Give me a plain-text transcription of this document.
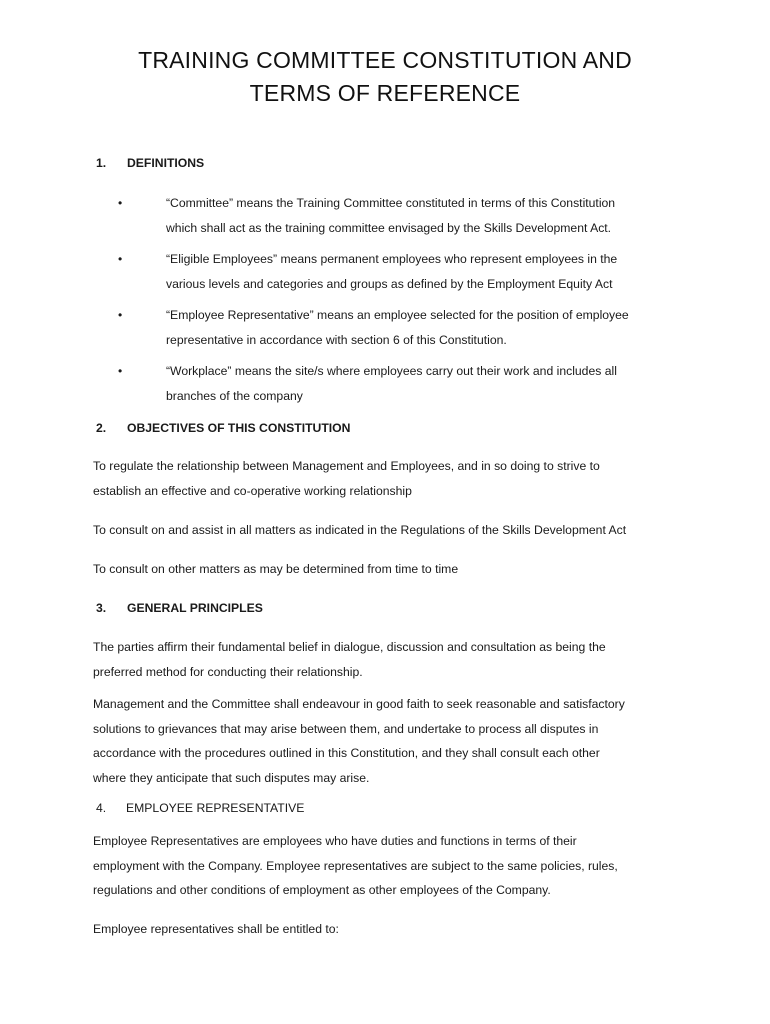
TRAINING COMMITTEE CONSTITUTION AND
TERMS OF REFERENCE
1. DEFINITIONS
•	“Committee” means the Training Committee constituted in terms of this Constitution
which shall act as the training committee envisaged by the Skills Development Act.
•	“Eligible Employees” means permanent employees who represent employees in the
various levels and categories and groups as defined by the Employment Equity Act
•	“Employee Representative” means an employee selected for the position of employee
representative in accordance with section 6 of this Constitution.
•	“Workplace” means the site/s where employees carry out their work and includes all
branches of the company
2. OBJECTIVES OF THIS CONSTITUTION
To regulate the relationship between Management and Employees, and in so doing to strive to
establish an effective and co-operative working relationship
To consult on and assist in all matters as indicated in the Regulations of the Skills Development Act
To consult on other matters as may be determined from time to time
3. GENERAL PRINCIPLES
The parties affirm their fundamental belief in dialogue, discussion and consultation as being the
preferred method for conducting their relationship.
Management and the Committee shall endeavour in good faith to seek reasonable and satisfactory
solutions to grievances that may arise between them, and undertake to process all disputes in
accordance with the procedures outlined in this Constitution, and they shall consult each other
where they anticipate that such disputes may arise.
4. EMPLOYEE REPRESENTATIVE
Employee Representatives are employees who have duties and functions in terms of their
employment with the Company. Employee representatives are subject to the same policies, rules,
regulations and other conditions of employment as other employees of the Company.
Employee representatives shall be entitled to:
